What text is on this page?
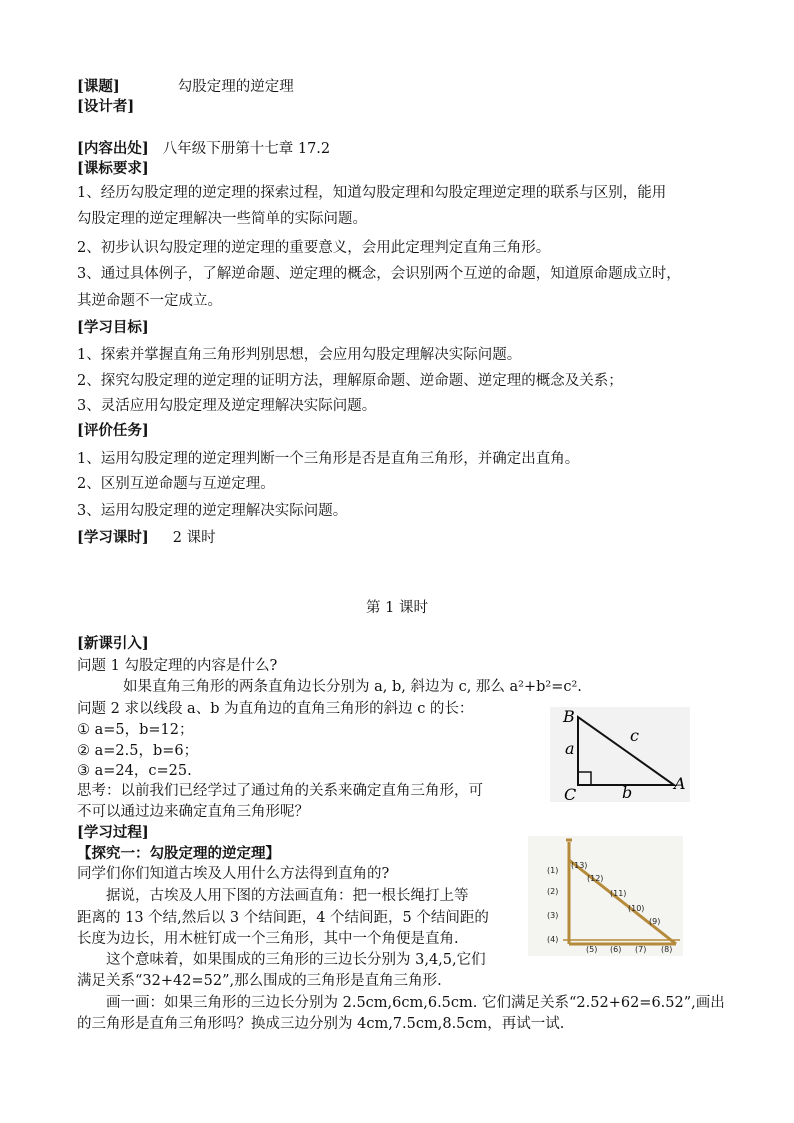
[课题]	勾股定理的逆定理
[设计者]
[内容出处] 八年级下册第十七章 17.2
[课标要求]
1、经历勾股定理的逆定理的探索过程，知道勾股定理和勾股定理逆定理的联系与区别，能用
勾股定理的逆定理解决一些简单的实际问题。
2、初步认识勾股定理的逆定理的重要意义，会用此定理判定直角三角形。
3、通过具体例子，了解逆命题、逆定理的概念，会识别两个互逆的命题，知道原命题成立时，
其逆命题不一定成立。
[学习目标]
1、探索并掌握直角三角形判别思想，会应用勾股定理解决实际问题。
2、探究勾股定理的逆定理的证明方法，理解原命题、逆命题、逆定理的概念及关系；
3、灵活应用勾股定理及逆定理解决实际问题。
[评价任务]
1、运用勾股定理的逆定理判断一个三角形是否是直角三角形，并确定出直角。
2、区别互逆命题与互逆定理。
3、运用勾股定理的逆定理解决实际问题。
[学习课时] 2 课时
第 1 课时
[新课引入]
问题 1 勾股定理的内容是什么?
如果直角三角形的两条直角边长分别为 a, b, 斜边为 c, 那么 a²+b²=c².
问题 2 求以线段 a、b 为直角边的直角三角形的斜边 c 的长：
① a=5，b=12；
② a=2.5，b=6；
③ a=24，c=25.
思考：以前我们已经学过了通过角的关系来确定直角三角形，可
不可以通过边来确定直角三角形呢？
B
C
A
a
b
c
[学习过程]
【探究一：勾股定理的逆定理】
同学们你们知道古埃及人用什么方法得到直角的?
据说，古埃及人用下图的方法画直角：把一根长绳打上等
距离的 13 个结,然后以 3 个结间距，4 个结间距，5 个结间距的
长度为边长，用木桩钉成一个三角形，其中一个角便是直角.
这个意味着，如果围成的三角形的三边长分别为 3,4,5,它们
满足关系“32+42=52”,那么围成的三角形是直角三角形.
画一画：如果三角形的三边长分别为 2.5cm,6cm,6.5cm. 它们满足关系“2.52+62=6.52”,画出
的三角形是直角三角形吗？换成三边分别为 4cm,7.5cm,8.5cm，再试一试.
(1)
(2)
(3)
(4)
(5) (6) (7) (8)
(9)
(10)
(11)
(12)
(13)
